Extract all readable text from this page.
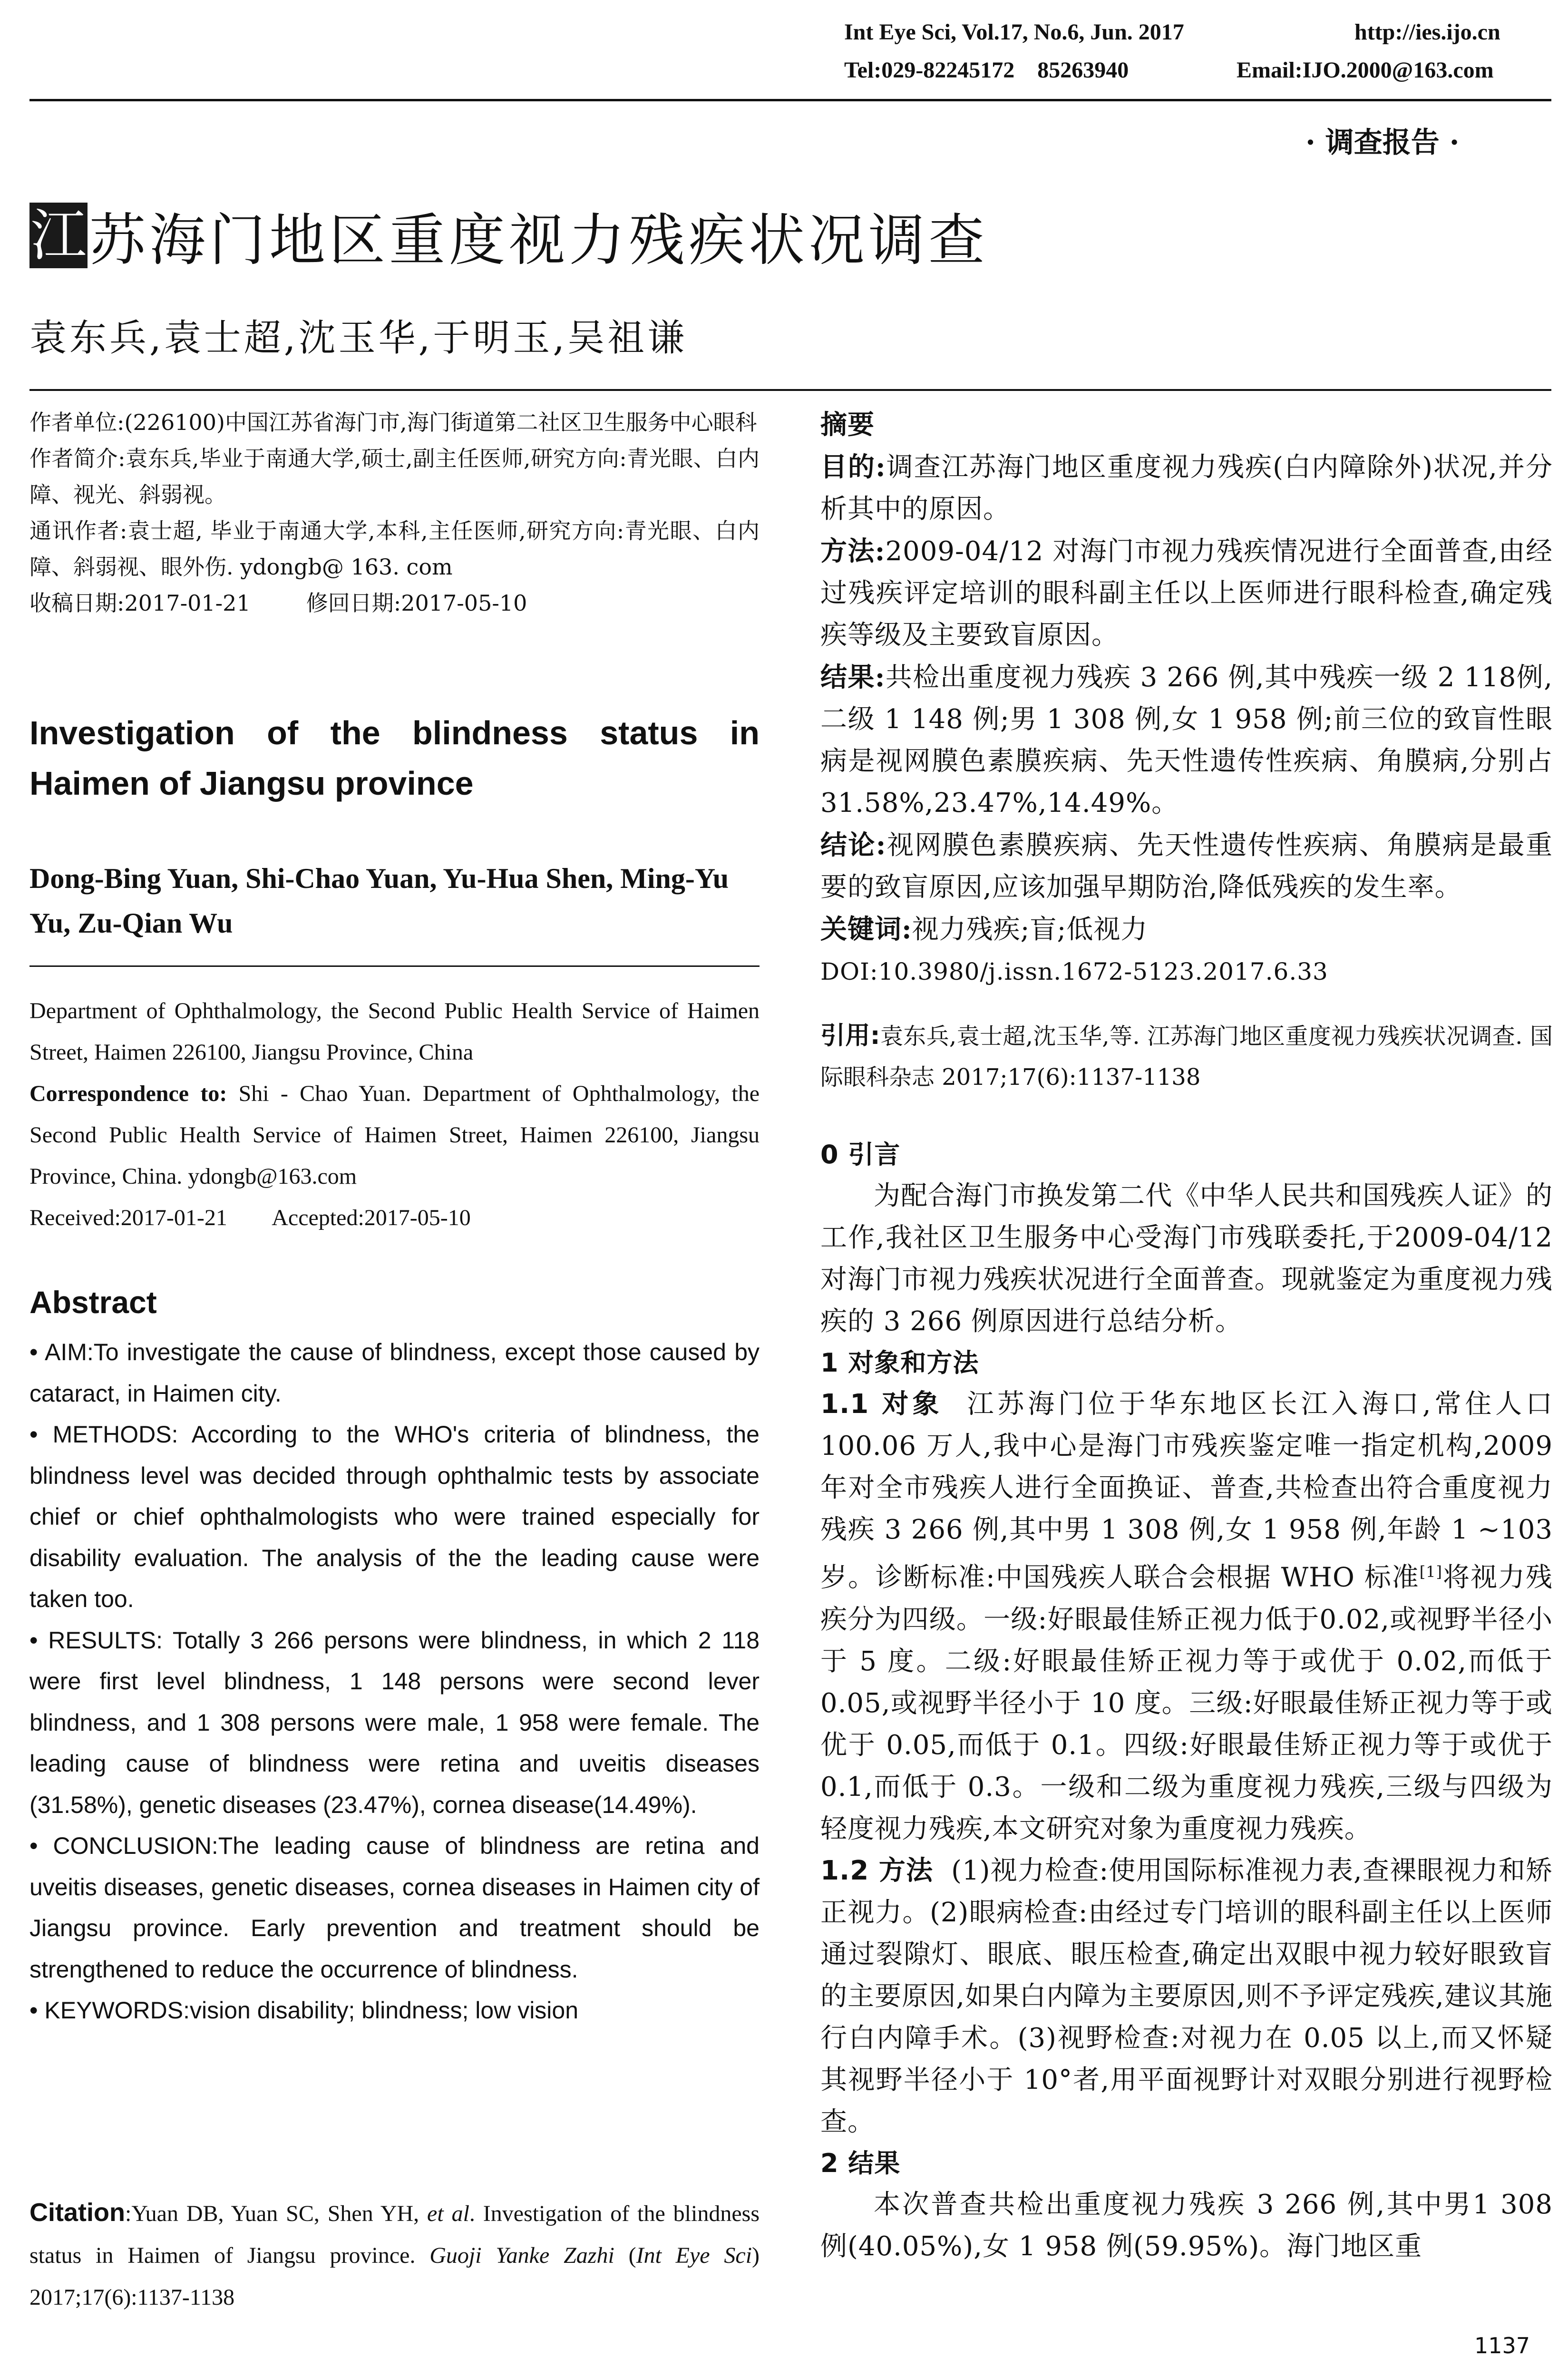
Int Eye Sci, Vol.17, No.6, Jun. 2017	http://ies.ijo.cn
Tel:029-82245172    85263940	Email:IJO.2000@163.com
· 调查报告 ·
江 苏海门地区重度视力残疾状况调查
袁东兵,袁士超,沈玉华,于明玉,吴祖谦
作者单位:(226100)中国江苏省海门市,海门街道第二社区卫生服务中心眼科
作者简介:袁东兵,毕业于南通大学,硕士,副主任医师,研究方向:青光眼、白内障、视光、斜弱视。
通讯作者:袁士超, 毕业于南通大学,本科,主任医师,研究方向:青光眼、白内障、斜弱视、眼外伤. ydongb@ 163. com
收稿日期:2017-01-21        修回日期:2017-05-10
Investigation of the blindness status in Haimen of Jiangsu province
Dong-Bing Yuan, Shi-Chao Yuan, Yu-Hua Shen, Ming-Yu Yu, Zu-Qian Wu

Department of Ophthalmology, the Second Public Health Service of Haimen Street, Haimen 226100, Jiangsu Province, China

Correspondence to: Shi - Chao Yuan. Department of Ophthalmology, the Second Public Health Service of Haimen Street, Haimen 226100, Jiangsu Province, China. ydongb@163.com

Received:2017-01-21        Accepted:2017-05-10

Abstract
• AIM:To investigate the cause of blindness, except those caused by cataract, in Haimen city.
• METHODS: According to the WHO's criteria of blindness, the blindness level was decided through ophthalmic tests by associate chief or chief ophthalmologists who were trained especially for disability evaluation. The analysis of the the leading cause were taken too.
• RESULTS: Totally 3 266 persons were blindness, in which 2 118 were first level blindness, 1 148 persons were second lever blindness, and 1 308 persons were male, 1 958 were female. The leading cause of blindness were retina and uveitis diseases (31.58%), genetic diseases (23.47%), cornea disease(14.49%).
• CONCLUSION:The leading cause of blindness are retina and uveitis diseases, genetic diseases, cornea diseases in Haimen city of Jiangsu province. Early prevention and treatment should be strengthened to reduce the occurrence of blindness.
• KEYWORDS:vision disability; blindness; low vision
Citation:Yuan DB, Yuan SC, Shen YH, et al. Investigation of the blindness status in Haimen of Jiangsu province. Guoji Yanke Zazhi (Int Eye Sci) 2017;17(6):1137-1138
摘要

目的:调查江苏海门地区重度视力残疾(白内障除外)状况,并分析其中的原因。

方法:2009-04/12 对海门市视力残疾情况进行全面普查,由经过残疾评定培训的眼科副主任以上医师进行眼科检查,确定残疾等级及主要致盲原因。

结果:共检出重度视力残疾 3 266 例,其中残疾一级 2 118例,二级 1 148 例;男 1 308 例,女 1 958 例;前三位的致盲性眼病是视网膜色素膜疾病、先天性遗传性疾病、角膜病,分别占 31.58%,23.47%,14.49%。

结论:视网膜色素膜疾病、先天性遗传性疾病、角膜病是最重要的致盲原因,应该加强早期防治,降低残疾的发生率。

关键词:视力残疾;盲;低视力

DOI:10.3980/j.issn.1672-5123.2017.6.33

引用:袁东兵,袁士超,沈玉华,等. 江苏海门地区重度视力残疾状况调查. 国际眼科杂志 2017;17(6):1137-1138
0 引言

为配合海门市换发第二代《中华人民共和国残疾人证》的工作,我社区卫生服务中心受海门市残联委托,于2009-04/12 对海门市视力残疾状况进行全面普查。现就鉴定为重度视力残疾的 3 266 例原因进行总结分析。

1 对象和方法

1.1 对象  江苏海门位于华东地区长江入海口,常住人口 100.06 万人,我中心是海门市残疾鉴定唯一指定机构,2009 年对全市残疾人进行全面换证、普查,共检查出符合重度视力残疾 3 266 例,其中男 1 308 例,女 1 958 例,年龄 1 ~103 岁。诊断标准:中国残疾人联合会根据 WHO 标准[1]将视力残疾分为四级。一级:好眼最佳矫正视力低于0.02,或视野半径小于 5 度。二级:好眼最佳矫正视力等于或优于 0.02,而低于 0.05,或视野半径小于 10 度。三级:好眼最佳矫正视力等于或优于 0.05,而低于 0.1。四级:好眼最佳矫正视力等于或优于 0.1,而低于 0.3。一级和二级为重度视力残疾,三级与四级为轻度视力残疾,本文研究对象为重度视力残疾。

1.2 方法  (1)视力检查:使用国际标准视力表,查裸眼视力和矫正视力。(2)眼病检查:由经过专门培训的眼科副主任以上医师通过裂隙灯、眼底、眼压检查,确定出双眼中视力较好眼致盲的主要原因,如果白内障为主要原因,则不予评定残疾,建议其施行白内障手术。(3)视野检查:对视力在 0.05 以上,而又怀疑其视野半径小于 10°者,用平面视野计对双眼分别进行视野检查。

2 结果

本次普查共检出重度视力残疾 3 266 例,其中男1 308 例(40.05%),女 1 958 例(59.95%)。海门地区重

1137
